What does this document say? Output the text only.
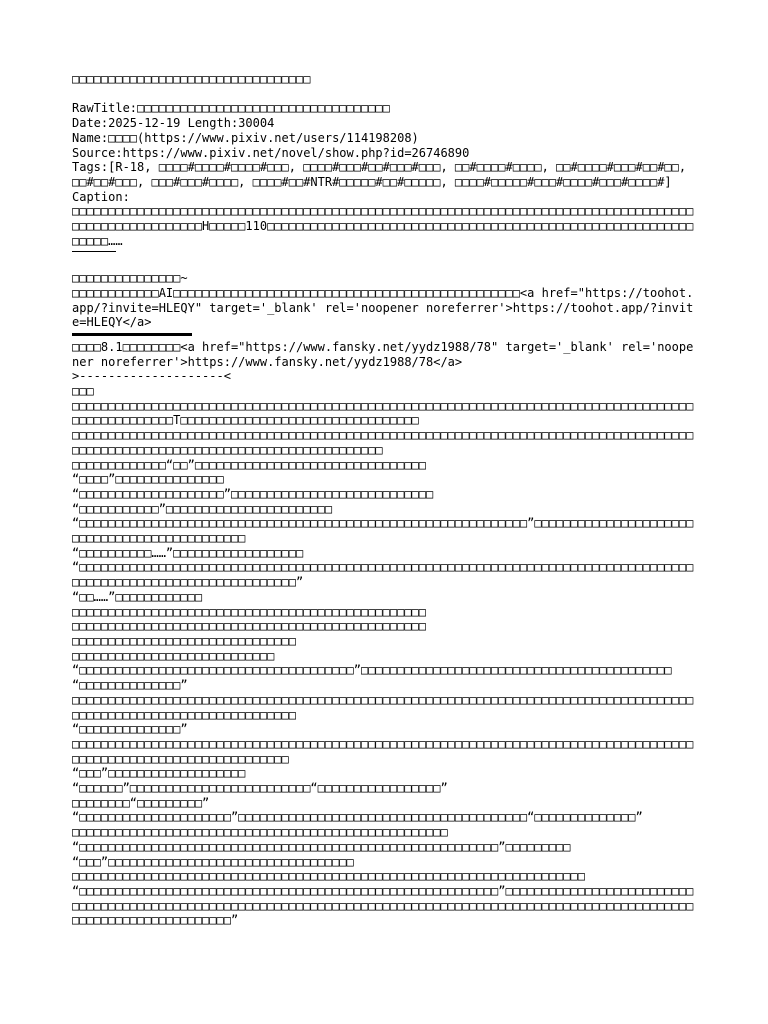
□□□□□□□□□□□□□□□□□□□□□□□□□□□□□□□□□
RawTitle:□□□□□□□□□□□□□□□□□□□□□□□□□□□□□□□□□□□
Date:2025-12-19 Length:30004
Name:□□□□(https://www.pixiv.net/users/114198208)
Source:https://www.pixiv.net/novel/show.php?id=26746890
Tags:[R-18, □□□□#□□□□#□□□□#□□□, □□□□#□□□#□□#□□□#□□□, □□#□□□□#□□□□, □□#□□□□#□□□#□□#□□, □□#□□#□□□, □□□#□□□#□□□□, □□□□#□□#NTR#□□□□□#□□#□□□□□, □□□□#□□□□□#□□□#□□□□#□□□#□□□□#]
Caption:
□□□□□□□□□□□□□□□□□□□□□□□□□□□□□□□□□□□□□□□□□□□□□□□□□□□□□□□□□□□□□□□□□□□□□□□□□□□□□□□□□□□□□□□□□□□□□□□□□□□□□□□□H□□□□□110□□□□□□□□□□□□□□□□□□□□□□□□□□□□□□□□□□□□□□□□□□□□□□□□□□□□□□□□□□□□□□□□……
□□□□□□□□□□□□□□□~
□□□□□□□□□□□□AI□□□□□□□□□□□□□□□□□□□□□□□□□□□□□□□□□□□□□□□□□□□□□□□□<a href="https://toohot.app/?invite=HLEQY" target='_blank' rel='noopener noreferrer'>https://toohot.app/?invite=HLEQY</a>
□□□□8.1□□□□□□□□<a href="https://www.fansky.net/yydz1988/78" target='_blank' rel='noopener noreferrer'>https://www.fansky.net/yydz1988/78</a>
>--------------------<
□□□
□□□□□□□□□□□□□□□□□□□□□□□□□□□□□□□□□□□□□□□□□□□□□□□□□□□□□□□□□□□□□□□□□□□□□□□□□□□□□□□□□□□□□□□□□□□□□□□□□□□□T□□□□□□□□□□□□□□□□□□□□□□□□□□□□□□□□□
□□□□□□□□□□□□□□□□□□□□□□□□□□□□□□□□□□□□□□□□□□□□□□□□□□□□□□□□□□□□□□□□□□□□□□□□□□□□□□□□□□□□□□□□□□□□□□□□□□□□□□□□□□□□□□□□□□□□□□□□□□□□□□□□□
□□□□□□□□□□□□□“□□”□□□□□□□□□□□□□□□□□□□□□□□□□□□□□□□□
“□□□□”□□□□□□□□□□□□□□□
“□□□□□□□□□□□□□□□□□□□□”□□□□□□□□□□□□□□□□□□□□□□□□□□□□
“□□□□□□□□□□□”□□□□□□□□□□□□□□□□□□□□□□□
“□□□□□□□□□□□□□□□□□□□□□□□□□□□□□□□□□□□□□□□□□□□□□□□□□□□□□□□□□□□□□□”□□□□□□□□□□□□□□□□□□□□□□□□□□□□□□□□□□□□□□□□□□□□□□
“□□□□□□□□□□……”□□□□□□□□□□□□□□□□□□
“□□□□□□□□□□□□□□□□□□□□□□□□□□□□□□□□□□□□□□□□□□□□□□□□□□□□□□□□□□□□□□□□□□□□□□□□□□□□□□□□□□□□□□□□□□□□□□□□□□□□□□□□□□□□□□□□□□□□”
“□□……”□□□□□□□□□□□□
□□□□□□□□□□□□□□□□□□□□□□□□□□□□□□□□□□□□□□□□□□□□□□□□□
□□□□□□□□□□□□□□□□□□□□□□□□□□□□□□□□□□□□□□□□□□□□□□□□□
□□□□□□□□□□□□□□□□□□□□□□□□□□□□□□□
□□□□□□□□□□□□□□□□□□□□□□□□□□□□
“□□□□□□□□□□□□□□□□□□□□□□□□□□□□□□□□□□□□□□”□□□□□□□□□□□□□□□□□□□□□□□□□□□□□□□□□□□□□□□□□□□
“□□□□□□□□□□□□□□”
□□□□□□□□□□□□□□□□□□□□□□□□□□□□□□□□□□□□□□□□□□□□□□□□□□□□□□□□□□□□□□□□□□□□□□□□□□□□□□□□□□□□□□□□□□□□□□□□□□□□□□□□□□□□□□□□□□□□□
“□□□□□□□□□□□□□□”
□□□□□□□□□□□□□□□□□□□□□□□□□□□□□□□□□□□□□□□□□□□□□□□□□□□□□□□□□□□□□□□□□□□□□□□□□□□□□□□□□□□□□□□□□□□□□□□□□□□□□□□□□□□□□□□□□□□□
“□□□”□□□□□□□□□□□□□□□□□□□
“□□□□□□”□□□□□□□□□□□□□□□□□□□□□□□□□“□□□□□□□□□□□□□□□□□”
□□□□□□□□“□□□□□□□□□”
“□□□□□□□□□□□□□□□□□□□□□”□□□□□□□□□□□□□□□□□□□□□□□□□□□□□□□□□□□□□□□□“□□□□□□□□□□□□□□”
□□□□□□□□□□□□□□□□□□□□□□□□□□□□□□□□□□□□□□□□□□□□□□□□□□□□
“□□□□□□□□□□□□□□□□□□□□□□□□□□□□□□□□□□□□□□□□□□□□□□□□□□□□□□□□□□”□□□□□□□□□
“□□□”□□□□□□□□□□□□□□□□□□□□□□□□□□□□□□□□□□
□□□□□□□□□□□□□□□□□□□□□□□□□□□□□□□□□□□□□□□□□□□□□□□□□□□□□□□□□□□□□□□□□□□□□□□
“□□□□□□□□□□□□□□□□□□□□□□□□□□□□□□□□□□□□□□□□□□□□□□□□□□□□□□□□□□”□□□□□□□□□□□□□□□□□□□□□□□□□□□□□□□□□□□□□□□□□□□□□□□□□□□□□□□□□□□□□□□□□□□□□□□□□□□□□□□□□□□□□□□□□□□□□□□□□□□□□□□□□□□□□□□□□□□□□□□□□□□□□□□□□□□□□□”
